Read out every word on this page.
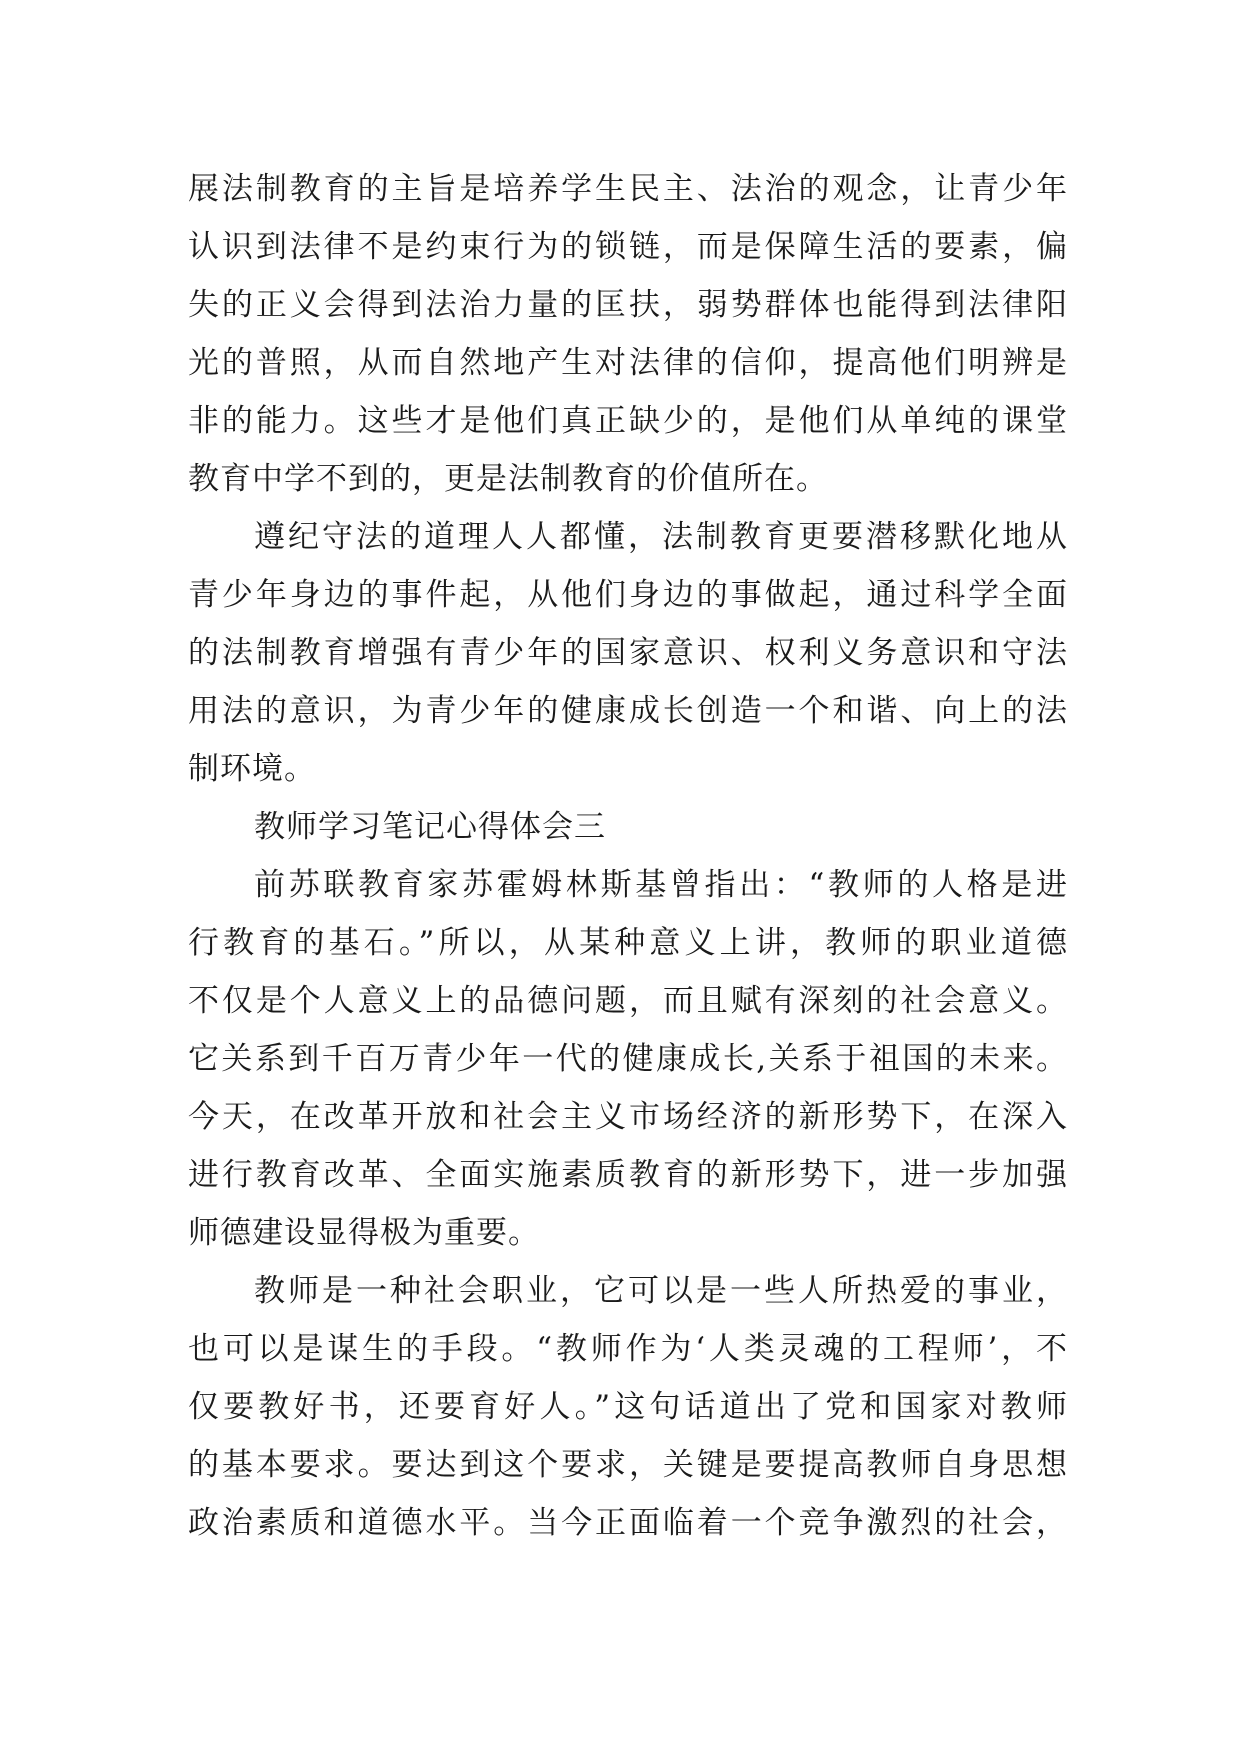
展法制教育的主旨是培养学生民主、法治的观念，让青少年
认识到法律不是约束行为的锁链，而是保障生活的要素，偏
失的正义会得到法治力量的匡扶，弱势群体也能得到法律阳
光的普照，从而自然地产生对法律的信仰，提高他们明辨是
非的能力。这些才是他们真正缺少的，是他们从单纯的课堂
教育中学不到的，更是法制教育的价值所在。
遵纪守法的道理人人都懂，法制教育更要潜移默化地从
青少年身边的事件起，从他们身边的事做起，通过科学全面
的法制教育增强有青少年的国家意识、权利义务意识和守法
用法的意识，为青少年的健康成长创造一个和谐、向上的法
制环境。
教师学习笔记心得体会三
前苏联教育家苏霍姆林斯基曾指出：“教师的人格是进
行教育的基石。”所以，从某种意义上讲，教师的职业道德
不仅是个人意义上的品德问题，而且赋有深刻的社会意义。
它关系到千百万青少年一代的健康成长,关系于祖国的未来。
今天，在改革开放和社会主义市场经济的新形势下，在深入
进行教育改革、全面实施素质教育的新形势下，进一步加强
师德建设显得极为重要。
教师是一种社会职业，它可以是一些人所热爱的事业，
也可以是谋生的手段。“教师作为‘人类灵魂的工程师’，不
仅要教好书，还要育好人。”这句话道出了党和国家对教师
的基本要求。要达到这个要求，关键是要提高教师自身思想
政治素质和道德水平。当今正面临着一个竞争激烈的社会，
